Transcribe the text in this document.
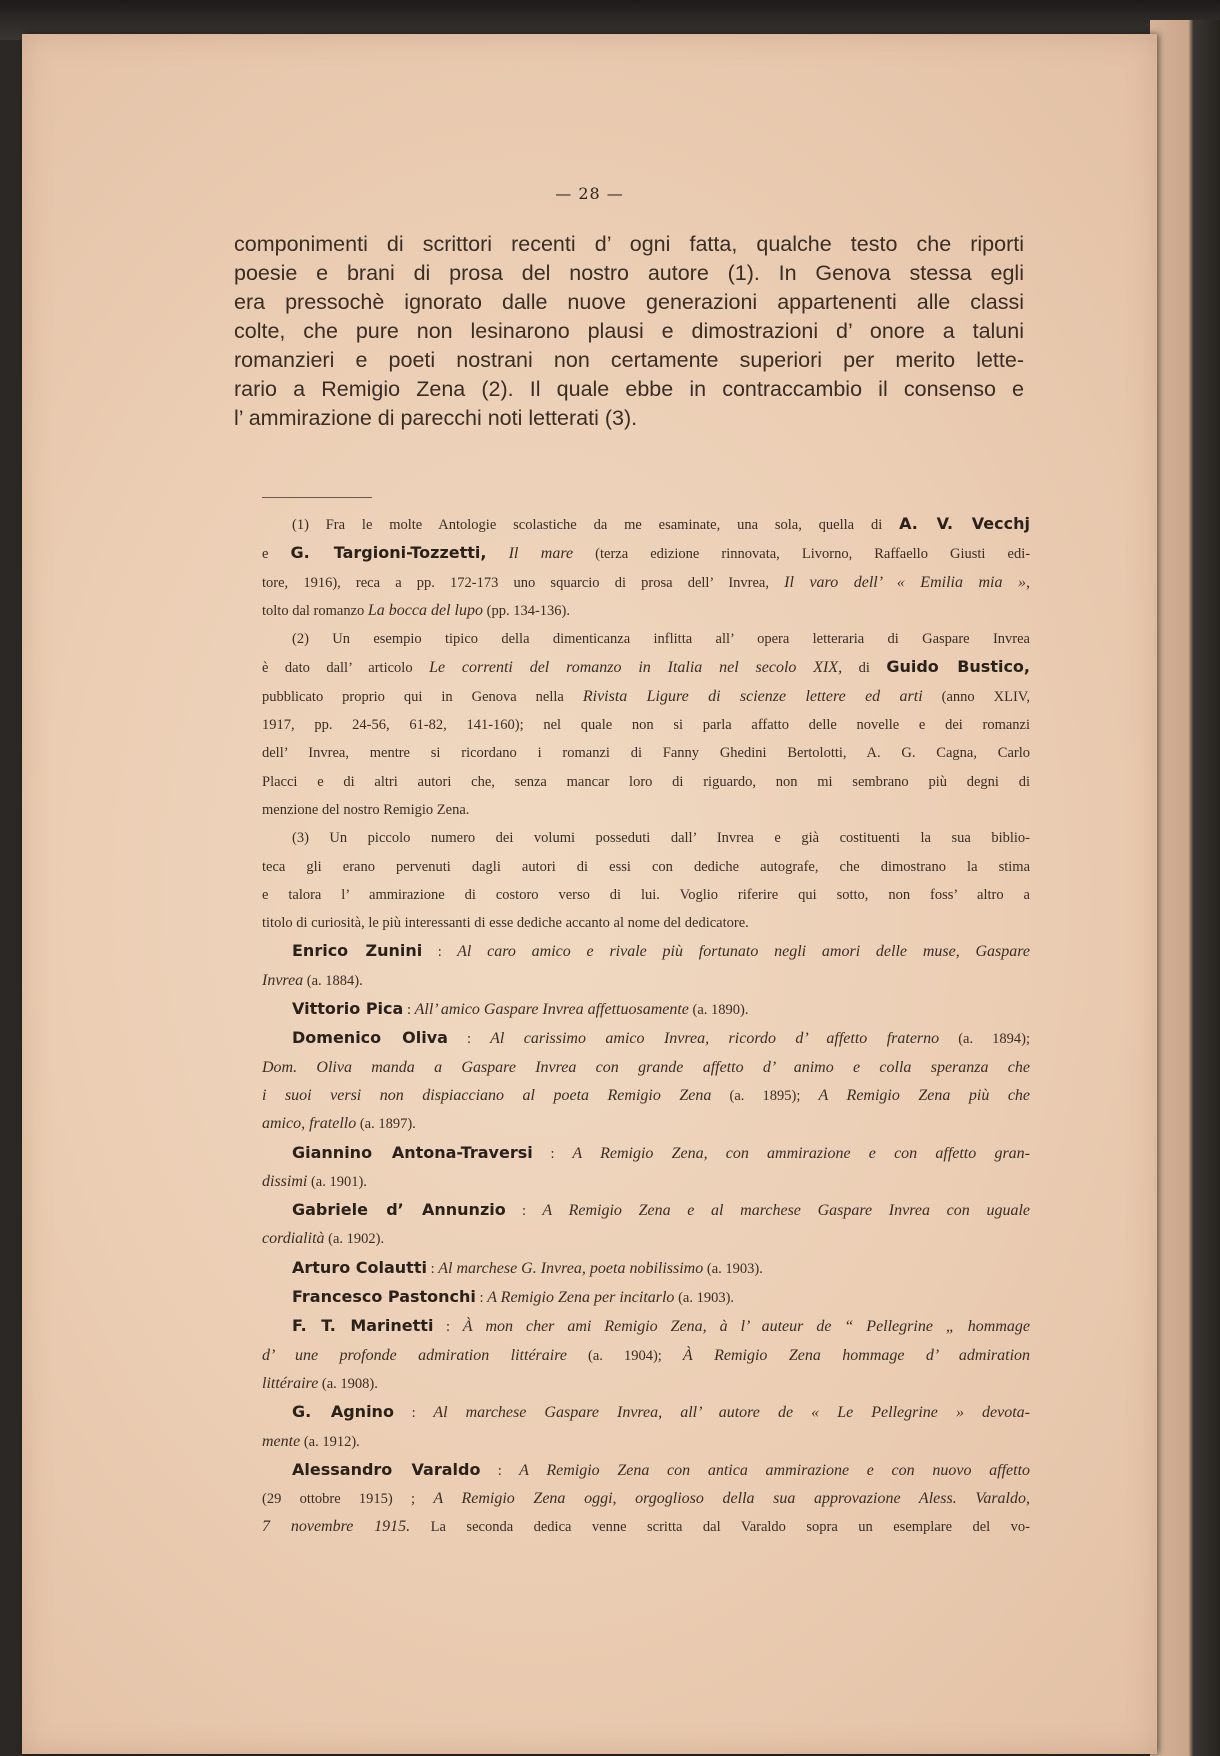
— 28 —
componimenti di scrittori recenti d’ ogni fatta, qualche testo che riporti
poesie e brani di prosa del nostro autore (1). In Genova stessa egli
era pressochè ignorato dalle nuove generazioni appartenenti alle classi
colte, che pure non lesinarono plausi e dimostrazioni d’ onore a taluni
romanzieri e poeti nostrani non certamente superiori per merito lette-
rario a Remigio Zena (2). Il quale ebbe in contraccambio il consenso e
l’ ammirazione di parecchi noti letterati (3).
(1) Fra le molte Antologie scolastiche da me esaminate, una sola, quella di A. V. Vecchj
e G. Targioni-Tozzetti, Il mare (terza edizione rinnovata, Livorno, Raffaello Giusti edi-
tore, 1916), reca a pp. 172-173 uno squarcio di prosa dell’ Invrea, Il varo dell’ « Emilia mia »,
tolto dal romanzo La bocca del lupo (pp. 134-136).
(2) Un esempio tipico della dimenticanza inflitta all’ opera letteraria di Gaspare Invrea
è dato dall’ articolo Le correnti del romanzo in Italia nel secolo XIX, di Guido Bustico,
pubblicato proprio qui in Genova nella Rivista Ligure di scienze lettere ed arti (anno XLIV,
1917, pp. 24-56, 61-82, 141-160); nel quale non si parla affatto delle novelle e dei romanzi
dell’ Invrea, mentre si ricordano i romanzi di Fanny Ghedini Bertolotti, A. G. Cagna, Carlo
Placci e di altri autori che, senza mancar loro di riguardo, non mi sembrano più degni di
menzione del nostro Remigio Zena.
(3) Un piccolo numero dei volumi posseduti dall’ Invrea e già costituenti la sua biblio-
teca gli erano pervenuti dagli autori di essi con dediche autografe, che dimostrano la stima
e talora l’ ammirazione di costoro verso di lui. Voglio riferire qui sotto, non foss’ altro a
titolo di curiosità, le più interessanti di esse dediche accanto al nome del dedicatore.
Enrico Zunini : Al caro amico e rivale più fortunato negli amori delle muse, Gaspare
Invrea (a. 1884).
Vittorio Pica : All’ amico Gaspare Invrea affettuosamente (a. 1890).
Domenico Oliva : Al carissimo amico Invrea, ricordo d’ affetto fraterno (a. 1894);
Dom. Oliva manda a Gaspare Invrea con grande affetto d’ animo e colla speranza che
i suoi versi non dispiacciano al poeta Remigio Zena (a. 1895); A Remigio Zena più che
amico, fratello (a. 1897).
Giannino Antona-Traversi : A Remigio Zena, con ammirazione e con affetto gran-
dissimi (a. 1901).
Gabriele d’ Annunzio : A Remigio Zena e al marchese Gaspare Invrea con uguale
cordialità (a. 1902).
Arturo Colautti : Al marchese G. Invrea, poeta nobilissimo (a. 1903).
Francesco Pastonchi : A Remigio Zena per incitarlo (a. 1903).
F. T. Marinetti : À mon cher ami Remigio Zena, à l’ auteur de “ Pellegrine „ hommage
d’ une profonde admiration littéraire (a. 1904); À Remigio Zena hommage d’ admiration
littéraire (a. 1908).
G. Agnino : Al marchese Gaspare Invrea, all’ autore de « Le Pellegrine » devota-
mente (a. 1912).
Alessandro Varaldo : A Remigio Zena con antica ammirazione e con nuovo affetto
(29 ottobre 1915) ; A Remigio Zena oggi, orgoglioso della sua approvazione Aless. Varaldo,
7 novembre 1915. La seconda dedica venne scritta dal Varaldo sopra un esemplare del vo-
